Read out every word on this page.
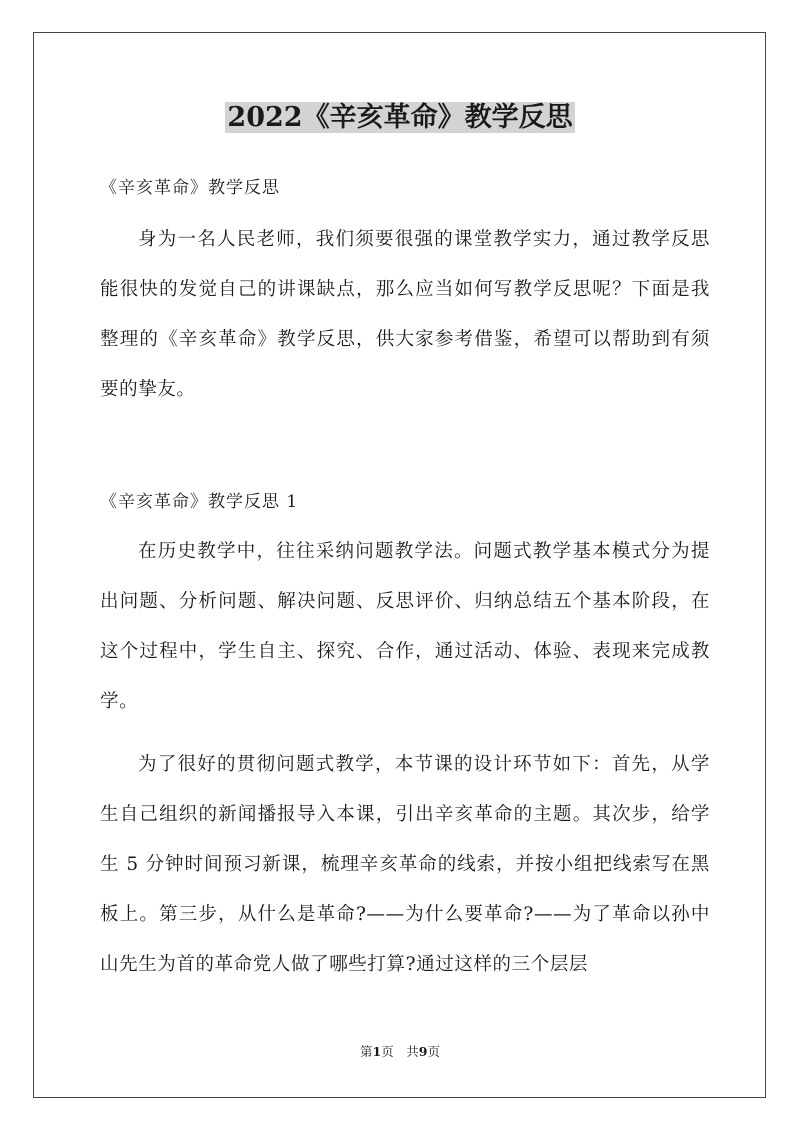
2022《辛亥革命》教学反思
《辛亥革命》教学反思
身为一名人民老师，我们须要很强的课堂教学实力，通过教学反思能很快的发觉自己的讲课缺点，那么应当如何写教学反思呢？下面是我整理的《辛亥革命》教学反思，供大家参考借鉴，希望可以帮助到有须要的挚友。
《辛亥革命》教学反思 1
在历史教学中，往往采纳问题教学法。问题式教学基本模式分为提出问题、分析问题、解决问题、反思评价、归纳总结五个基本阶段，在这个过程中，学生自主、探究、合作，通过活动、体验、表现来完成教学。
为了很好的贯彻问题式教学，本节课的设计环节如下：首先，从学生自己组织的新闻播报导入本课，引出辛亥革命的主题。其次步，给学生 5 分钟时间预习新课，梳理辛亥革命的线索，并按小组把线索写在黑板上。第三步，从什么是革命?——为什么要革命?——为了革命以孙中山先生为首的革命党人做了哪些打算?通过这样的三个层层
第1页　共9页
